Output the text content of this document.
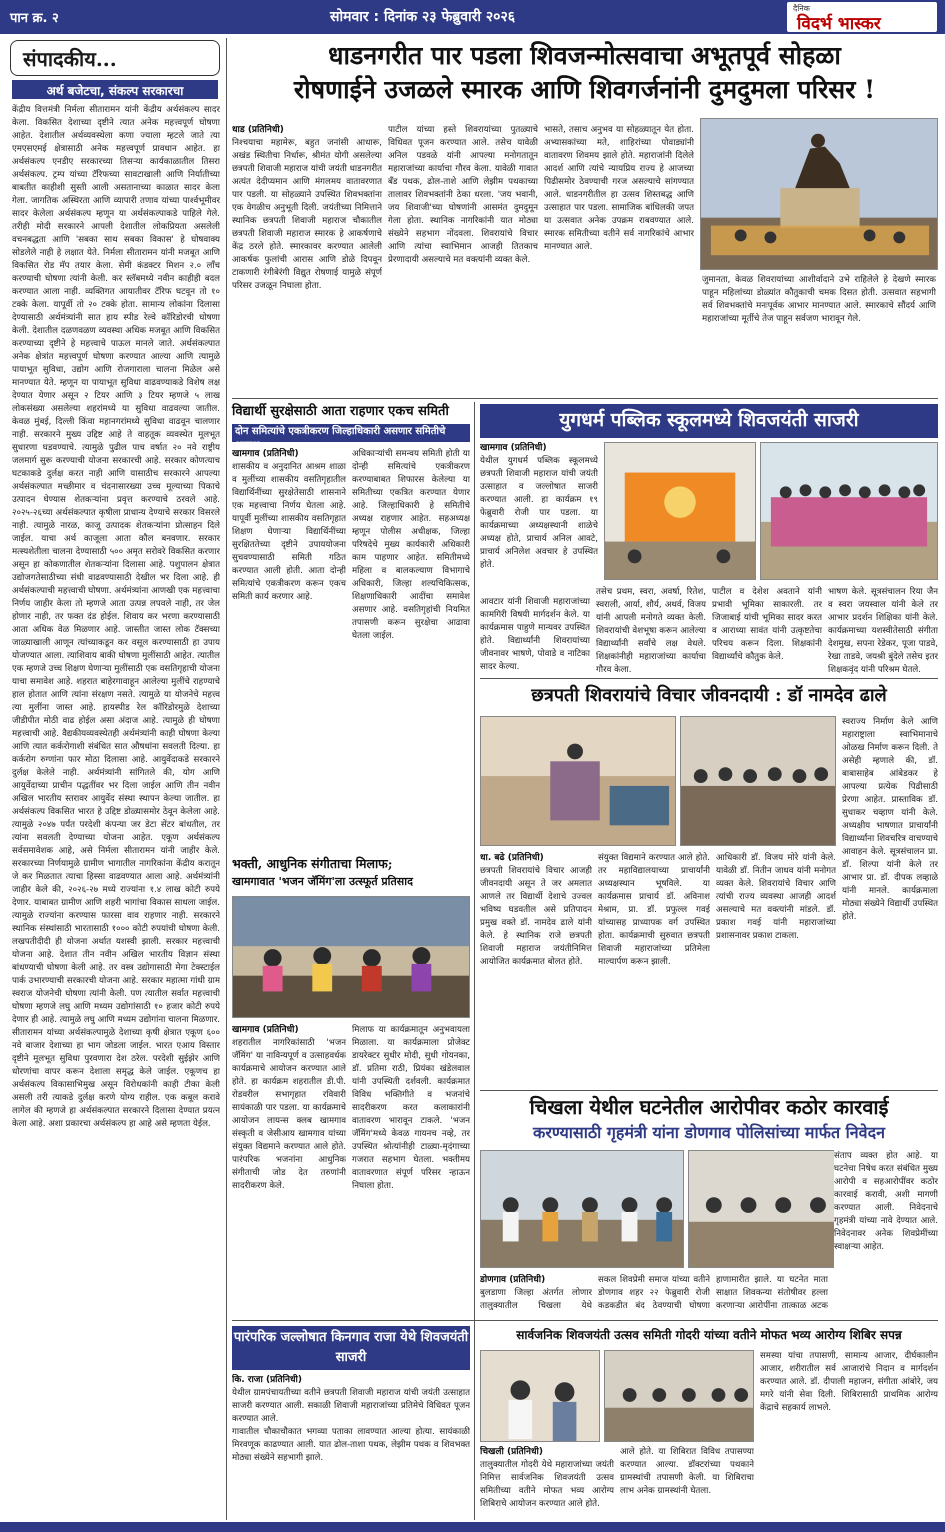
पान क्र. २	सोमवार : दिनांक २३ फेब्रुवारी २०२६
दैनिक
विदर्भ भास्कर
संपादकीय...
अर्थ बजेटचा, संकल्प सरकारचा
केंद्रीय वित्तमंत्री निर्मला सीतारामन यांनी केंद्रीय अर्थसंकल्प सादर केला. विकसित देशाच्या दृष्टीने त्यात अनेक महत्त्वपूर्ण घोषणा आहेत. देशातील अर्थव्यवस्थेला कणा ज्याला म्हटले जाते त्या एमएसएमई क्षेत्रासाठी अनेक महत्त्वपूर्ण प्रावधान आहेत. हा अर्थसंकल्प एनडीए सरकारच्या तिसऱ्या कार्यकाळातील तिसरा अर्थसंकल्प. ट्रम्प यांच्या टॅरिफच्या सावटाखाली आणि निर्यातीच्या बाबतीत काहीशी सुस्ती आली असतानाच्या काळात सादर केला गेला. जागतिक अस्थिरता आणि व्यापारी तणाव यांच्या पार्श्वभूमीवर सादर केलेला अर्थसंकल्प म्हणून या अर्थसंकल्पाकडे पाहिले गेले. तरीही मोदी सरकारने आपली देशातील लोकप्रियता असलेली वचनबद्धता आणि 'सबका साथ सबका विकास' हे घोषवाक्य सोडलेले नाही हे लक्षात येते. निर्मला सीतारामन यांनी मजबूत आणि विकसित रोड मॅप तयार केला. सेमी कंडक्टर मिशन २.० लाँच करण्याची घोषणा त्यांनी केली. कर स्लॅबमध्ये नवीन काहीही बदल करण्यात आला नाही. व्यक्तिगत आयातीवर टॅरिफ घटवून तो १० टक्के केला. यापूर्वी तो २० टक्के होता. सामान्य लोकांना दिलासा देण्यासाठी अर्थमंत्र्यांनी सात हाय स्पीड रेल्वे कॉरिडोरची घोषणा केली. देशातील दळणवळण व्यवस्था अधिक मजबूत आणि विकसित करण्याच्या दृष्टीने हे महत्त्वाचे पाऊल मानले जाते. अर्थसंकल्पात अनेक क्षेत्रांत महत्त्वपूर्ण घोषणा करण्यात आल्या आणि त्यामुळे पायाभूत सुविधा, उद्योग आणि रोजगाराला चालना मिळेल असे मानण्यात येते. म्हणून या पायाभूत सुविधा वाढवण्याकडे विशेष लक्ष देण्यात येणार असून २ टियर आणि ३ टियर म्हणजे ५ लाख लोकसंख्या असलेल्या शहरांमध्ये या सुविधा वाढवल्या जातील. केवळ मुंबई, दिल्ली किंवा महानगरांमध्ये सुविधा वाढवून चालणार नाही. सरकारने मुख्य उद्दिष्ट आहे ते वाहतूक व्यवस्थेत मूलभूत सुधारणा घडवण्याचे. त्यामुळे पुढील पाच वर्षात २० नवे राष्ट्रीय जलमार्ग सुरू करण्याची योजना सरकारची आहे. सरकार कोणत्याच घटकाकडे दुर्लक्ष करत नाही आणि यासाठीच सरकारने आपल्या अर्थसंकल्पात मच्छीमार व चंदनासारख्या उच्च मूल्याच्या पिकाचे उत्पादन घेण्यास शेतकऱ्यांना प्रवृत्त करण्याचे ठरवले आहे. २०२५-२६च्या अर्थसंकल्पात कृषीला प्राधान्य देण्याचे सरकार विसरले नाही. त्यामुळे नारळ, काजू उत्पादक शेतकऱ्यांना प्रोत्साहन दिले जाईल. याचा अर्थ काजूला आता कौल बनवणार. सरकार मत्स्यशेतीला चालना देण्यासाठी ५०० अमृत सरोवरे विकसित करणार असून हा कोकणातील शेतकऱ्यांना दिलासा आहे. पशुपालन क्षेत्रात उद्योजगतेसाठीच्या संधी वाढवण्यासाठी देखील भर दिला आहे. ही अर्थसंकल्पाची महत्त्वाची घोषणा. अर्थमंत्र्यांना आणखी एक महत्त्वाचा निर्णय जाहीर केला तो म्हणजे आता उत्पन्न लपवले नाही, तर जेल होणार नाही, तर फक्त दंड होईल. शिवाय कर भरणा करण्यासाठी आता अधिक वेळ मिळणार आहे. जास्तीत जास्त लोक टॅक्सच्या जाळ्याखाली आणून त्यांच्याकडून कर वसूल करण्यासाठी हा उपाय योजण्यात आला. त्याशिवाय बाकी घोषणा मुलींसाठी आहेत. त्यातील एक म्हणजे उच्च शिक्षण घेणाऱ्या मुलींसाठी एक वसतिगृहाची योजना याचा समावेश आहे. शहरात बाहेरगावाहून आलेल्या मुलींचे राहण्याचे हाल होतात आणि त्यांना संरक्षण नसते. त्यामुळे या योजनेचे महत्त्व त्या मुलींना जास्त आहे. हायस्पीड रेल कॉरिडोरमुळे देशाच्या जीडीपीत मोठी वाढ होईल असा अंदाज आहे. त्यामुळे ही घोषणा महत्त्वाची आहे. वैद्यकीयव्यवस्थेतही अर्थमंत्र्यांनी काही घोषणा केल्या आणि त्यात कर्करोगाशी संबंधित सात औषधांना सवलती दिल्या. हा कर्करोग रुग्णांना फार मोठा दिलासा आहे. आयुर्वेदाकडे सरकारने दुर्लक्ष केलेले नाही. अर्थमंत्र्यांनी सांगितले की, योग आणि आयुर्वेदाच्या प्राचीन पद्धतींवर भर दिला जाईल आणि तीन नवीन अखिल भारतीय स्तरावर आयुर्वेद संस्था स्थापन केल्या जातील. हा अर्थसंकल्प विकसित भारत हे उद्दिष्ट डोळ्यासमोर ठेवून केलेला आहे. त्यामुळे २०४७ पर्यंत परदेशी कंपन्या जर डेटा सेंटर बांधतील, तर त्यांना सवलती देण्याच्या योजना आहेत. एकूण अर्थसंकल्प सर्वसमावेशक आहे, असे निर्मला सीतारामन यांनी जाहीर केले. सरकारच्या निर्णयामुळे ग्रामीण भागातील नागरिकांना केंद्रीय करातून जे कर मिळतात त्याचा हिस्सा वाढवण्यात आला आहे. अर्थमंत्र्यांनी जाहीर केले की, २०२६-२७ मध्ये राज्यांना १.४ लाख कोटी रुपये देणार. याबाबत ग्रामीण आणि शहरी भागांचा विकास साधला जाईल. त्यामुळे राज्यांना करण्यास फारसा वाव राहणार नाही. सरकारने स्थानिक संस्थांसाठी भारतासाठी १००० कोटी रुपयांची घोषणा केली. लखपतीदीदी ही योजना अर्थात यशस्वी झाली. सरकार महत्त्वाची योजना आहे. देशात तीन नवीन अखिल भारतीय विज्ञान संस्था बांधण्याची घोषणा केली आहे. तर वस्त्र उद्योगासाठी मेगा टेक्स्टाईल पार्क उभारण्याची सरकारची योजना आहे. सरकार महात्मा गांधी ग्राम स्वराज योजनेची घोषणा त्यांनी केली. पण त्यातील सर्वात महत्त्वाची घोषणा म्हणजे लघु आणि मध्यम उद्योगांसाठी १० हजार कोटी रुपये देणार ही आहे. त्यामुळे लघु आणि मध्यम उद्योगांना चालना मिळणार. सीतारामन यांच्या अर्थसंकल्पामुळे देशाच्या कृषी क्षेत्रात एकूण ६०० नवे बाजार देशाच्या हा भाग जोडला जाईल. भारत एआय विस्तार दृष्टीने मूलभूत सुविधा पुरवणारा देश ठरेल. परदेशी सुईझेर आणि धोरणांचा वापर करून देशाला समृद्ध केले जाईल. एकूणच हा अर्थसंकल्प विकासाभिमुख असून विरोधकांनी काही टीका केली असली तरी त्याकडे दुर्लक्ष करणे योग्य राहील. एक कबूल करावे लागेल की म्हणजे हा अर्थसंकल्पात सरकारने दिलासा देण्यात प्रयत्न केला आहे. अशा प्रकारचा अर्थसंकल्प हा आहे असे म्हणता येईल.
धाडनगरीत पार पडला शिवजन्मोत्सवाचा अभूतपूर्व सोहळा
रोषणाईने उजळले स्मारक आणि शिवगर्जनांनी दुमदुमला परिसर !
धाड (प्रतिनिधी)
निश्चयाचा महामेरू, बहुत जनांसी आधारू, अखंड स्थितीचा निर्धारू, श्रीमंत योगी असलेल्या छत्रपती शिवाजी महाराज यांची जयंती धाडनगरीत अत्यंत देदीप्यमान आणि मंगलमय वातावरणात पार पडली. या सोहळ्याने उपस्थित शिवभक्तांना एक वेगळीच अनुभूती दिली. जयंतीच्या निमित्ताने स्थानिक छत्रपती शिवाजी महाराज चौकातील छत्रपती शिवाजी महाराज स्मारक हे आकर्षणाचे केंद्र ठरले होते. स्मारकावर करण्यात आलेली आकर्षक फुलांची आरास आणि डोळे दिपवून टाकणारी रंगीबेरंगी विद्युत रोषणाई यामुळे संपूर्ण परिसर उजळून निघाला होता.
पाटील यांच्या हस्ते शिवरायांच्या पुतळ्याचे विधिवत पूजन करण्यात आले. तसेच यावेळी अनिल पडवळे यांनी आपल्या मनोगतातून महाराजांच्या कार्याचा गौरव केला. यावेळी गावात बँड पथक, ढोल-ताशे आणि लेझीम पथकाच्या तालावर शिवभक्तांनी ठेका धरला. 'जय भवानी, जय शिवाजी'च्या घोषणांनी आसमंत दुमदुमून गेला होता. स्थानिक नागरिकांनी यात मोठ्या संख्येने सहभाग नोंदवला. शिवरायांचे विचार आणि त्यांचा स्वाभिमान आजही तितकाच प्रेरणादायी असल्याचे मत वक्त्यांनी व्यक्त केले.
भासते, तसाच अनुभव या सोहळ्यातून येत होता. अभ्यासकांच्या मते, शाहिरांच्या पोवाड्यांनी वातावरण शिवमय झाले होते. महाराजांनी दिलेले आदर्श आणि त्यांचे न्यायप्रिय राज्य हे आजच्या पिढीसमोर ठेवण्याची गरज असल्याचे सांगण्यात आले. धाडनगरीतील हा उत्सव शिस्तबद्ध आणि उत्साहात पार पडला. सामाजिक बांधिलकी जपत या उत्सवात अनेक उपक्रम राबवण्यात आले. स्मारक समितीच्या वतीने सर्व नागरिकांचे आभार मानण्यात आले.
जुमानता, केवळ शिवरायांच्या आशीर्वादाने उभे राहिलेले हे देखणे स्मारक पाहून महिलांच्या डोळ्यांत कौतुकाची चमक दिसत होती. उत्सवात सहभागी सर्व शिवभक्तांचे मनःपूर्वक आभार मानण्यात आले. स्मारकाचे सौंदर्य आणि महाराजांच्या मूर्तीचे तेज पाहून सर्वजण भारावून गेले.
विद्यार्थी सुरक्षेसाठी आता राहणार एकच समिती
दोन समित्यांचे एकत्रीकरण जिल्हाधिकारी असणार समितीचे अध्यक्ष
खामगाव (प्रतिनिधी)
शासकीय व अनुदानित आश्रम शाळा व मुलींच्या शासकीय वसतिगृहातील विद्यार्थिनींच्या सुरक्षेतेसाठी शासनाने एक महत्त्वाचा निर्णय घेतला आहे. यापूर्वी मुलींच्या शासकीय वसतिगृहात शिक्षण घेणाऱ्या विद्यार्थिनींच्या सुरक्षिततेच्या दृष्टीने उपाययोजना सुचवण्यासाठी समिती गठित करण्यात आली होती. आता दोन्ही समित्यांचे एकत्रीकरण करून एकच समिती कार्य करणार आहे.
अधिकाऱ्यांची समन्वय समिती होती या दोन्ही समित्यांचे एकत्रीकरण करण्याबाबत शिफारस केलेल्या या समितीच्या एकत्रित करण्यात येणार आहे. जिल्हाधिकारी हे समितीचे अध्यक्ष राहणार आहेत. सहअध्यक्ष म्हणून पोलीस अधीक्षक, जिल्हा परिषदेचे मुख्य कार्यकारी अधिकारी काम पाहणार आहेत. समितीमध्ये महिला व बालकल्याण विभागाचे अधिकारी, जिल्हा शल्यचिकित्सक, शिक्षणाधिकारी आदींचा समावेश असणार आहे. वसतिगृहांची नियमित तपासणी करून सुरक्षेचा आढावा घेतला जाईल.
भक्ती, आधुनिक संगीताचा मिलाफ;
खामगावात 'भजन जॅमिंग'ला उत्स्फूर्त प्रतिसाद
खामगाव (प्रतिनिधी)
शहरातील नागरिकांसाठी 'भजन जॅमिंग' या नाविन्यपूर्ण व उत्साहवर्धक कार्यक्रमाचे आयोजन करण्यात आले होते. हा कार्यक्रम शहरातील डी.पी. रोडवरील सभागृहात रविवारी सायंकाळी पार पडला. या कार्यक्रमाचे आयोजन लायन्स क्लब खामगाव संस्कृती व जेसीआय खामगाव यांच्या संयुक्त विद्यमाने करण्यात आले होते. पारंपरिक भजनांना आधुनिक संगीताची जोड देत तरुणांनी सादरीकरण केले.
मिलाफ या कार्यक्रमातून अनुभवायला मिळाला. या कार्यक्रमाला प्रोजेक्ट डायरेक्टर सुधीर मोदी, सुधी गोयनका, डॉ. प्रतिमा राठी, प्रियंका खंडेलवाल यांनी उपस्थिती दर्शवली. कार्यक्रमात विविध भक्तिगीते व भजनांचे सादरीकरण करत कलाकारांनी वातावरण भारावून टाकले. 'भजन जॅमिंग'मध्ये केवळ गायनच नव्हे, तर उपस्थित श्रोत्यांनीही टाळ्या-मृदंगाच्या गजरात सहभाग घेतला. भक्तीमय वातावरणात संपूर्ण परिसर न्हाऊन निघाला होता.
युगधर्म पब्लिक स्कूलमध्ये शिवजयंती साजरी
खामगाव (प्रतिनिधी)
येथील युगधर्म पब्लिक स्कूलमध्ये छत्रपती शिवाजी महाराज यांची जयंती उत्साहात व जल्लोषात साजरी करण्यात आली. हा कार्यक्रम १९ फेब्रुवारी रोजी पार पडला. या कार्यक्रमाच्या अध्यक्षस्थानी शाळेचे अध्यक्ष होते, प्राचार्य अनिल आवटे, प्राचार्य अनिलेश अवचार हे उपस्थित होते.
आवटार यांनी शिवाजी महाराजांच्या कामगिरी विषयी मार्गदर्शन केले. या कार्यक्रमास पाहुणे मान्यवर उपस्थित होते. विद्यार्थ्यांनी शिवरायांच्या जीवनावर भाषणे, पोवाडे व नाटिका सादर केल्या.
तसेच प्रथम, स्वरा, अवर्षा, रितेश, स्वराली, आर्या, शौर्य, अथर्व, विजय यांनी आपली मनोगते व्यक्त केली. शिवरायांची वेशभूषा करून आलेल्या विद्यार्थ्यांनी सर्वांचे लक्ष वेधले. शिक्षकांनीही महाराजांच्या कार्याचा गौरव केला.
पाटील व देशेश अवताने यांनी प्रभावी भूमिका साकारली. तर जिजाबाई यांची भूमिका सादर करत व आराध्या सावंत यांनी उत्कृष्टतेचा परिचय करून दिला. शिक्षकांनी विद्यार्थ्यांचे कौतुक केले.
भाषण केले. सूत्रसंचालन रिया जैन व स्वरा जयस्वाल यांनी केले तर आभार प्रदर्शन शिक्षिका यांनी केले. कार्यक्रमाच्या यशस्वीतेसाठी संगीता देशमुख, सपना रेडेकर, पूजा पाडवे, रेखा ताडवे, जयश्री बुंदेले तसेच इतर शिक्षकवृंद यांनी परिश्रम घेतले.
छत्रपती शिवरायांचे विचार जीवनदायी : डॉ नामदेव ढाले
स्वराज्य निर्माण केले आणि महाराष्ट्राला स्वाभिमानाचे ओळख निर्माण करून दिली. ते असेही म्हणाले की, डॉ. बाबासाहेब आंबेडकर हे आपल्या प्रत्येक पिढीसाठी प्रेरणा आहेत. प्रास्ताविक डॉ. सुधाकर चव्हाण यांनी केले. अध्यक्षीय भाषणात प्राचार्यांनी विद्यार्थ्यांना शिवचरित्र वाचण्याचे आवाहन केले. सूत्रसंचालन प्रा. डॉ. शिल्पा यांनी केले तर आभार प्रा. डॉ. दीपक लव्हाळे यांनी मानले. कार्यक्रमाला मोठ्या संख्येने विद्यार्थी उपस्थित होते.
धा. बढे (प्रतिनिधी)
छत्रपती शिवरायांचे विचार आजही जीवनदायी असून ते जर अमलात आणले तर विद्यार्थी देशाचे उज्वल भविष्य घडवतील असे प्रतिपादन प्रमुख वक्ते डॉ. नामदेव ढाले यांनी केले. हे स्थानिक राजे छत्रपती शिवाजी महाराज जयंतीनिमित्त आयोजित कार्यक्रमात बोलत होते.
संयुक्त विद्यमाने करण्यात आले होते. तर महाविद्यालयाच्या प्राचार्यांनी अध्यक्षस्थान भूषविले. या कार्यक्रमास प्राचार्य डॉ. अविनाश मेश्राम, प्रा. डॉ. प्रफुल्ल गवई यांच्यासह प्राध्यापक वर्ग उपस्थित होता. कार्यक्रमाची सुरुवात छत्रपती शिवाजी महाराजांच्या प्रतिमेला माल्यार्पण करून झाली.
आधिकारी डॉ. विजय मोरे यांनी केले. यावेळी डॉ. नितीन जाधव यांनी मनोगत व्यक्त केले. शिवरायांचे विचार आणि त्यांची राज्य व्यवस्था आजही आदर्श असल्याचे मत वक्त्यांनी मांडले. डॉ. प्रकाश गवई यांनी महाराजांच्या प्रशासनावर प्रकाश टाकला.
चिखला येथील घटनेतील आरोपीवर कठोर कारवाई
करण्यासाठी गृहमंत्री यांना डोणगाव पोलिसांच्या मार्फत निवेदन
डोणगाव (प्रतिनिधी)
बुलडाणा जिल्हा अंतर्गत लोणार तालुक्यातील चिखला येथे
सकल शिवप्रेमी समाज यांच्या वतीने डोणगाव शहर २२ फेब्रुवारी रोजी कडकडीत बंद ठेवण्याची घोषणा
हाणामारीत झाले. या घटनेत माता साक्षात शिवकन्या संतोषीवर हल्ला करणाऱ्या आरोपींना तात्काळ अटक
संताप व्यक्त होत आहे. या घटनेचा निषेध करत संबंधित मुख्य आरोपी व सहआरोपींवर कठोर कारवाई करावी, अशी मागणी करण्यात आली. निवेदनाचे गृहमंत्री यांच्या नावे देण्यात आले. निवेदनावर अनेक शिवप्रेमींच्या स्वाक्षऱ्या आहेत.
पारंपरिक जल्लोषात किनगाव राजा येथे शिवजयंती साजरी
कि. राजा (प्रतिनिधी)
येथील ग्रामपंचायतीच्या वतीने छत्रपती शिवाजी महाराज यांची जयंती उत्साहात साजरी करण्यात आली. सकाळी शिवाजी महाराजांच्या प्रतिमेचे विधिवत पूजन करण्यात आले.
गावातील चौकाचौकात भगव्या पताका लावण्यात आल्या होत्या. सायंकाळी मिरवणूक काढण्यात आली. यात ढोल-ताशा पथक, लेझीम पथक व शिवभक्त मोठ्या संख्येने सहभागी झाले.
सार्वजनिक शिवजयंती उत्सव समिती गोदरी यांच्या वतीने मोफत भव्य आरोग्य शिबिर सपन्न
समस्या यांचा तपासणी, सामान्य आजार, दीर्घकालीन आजार, शरीरातील सर्व आजारांचे निदान व मार्गदर्शन करण्यात आले. डॉ. दीपाली महाजन, संगीता आंबोरे, जय मगरे यांनी सेवा दिली. शिबिरासाठी प्राथमिक आरोग्य केंद्राचे सहकार्य लाभले.
चिखली (प्रतिनिधी)
तालुक्यातील गोदरी येथे महाराजांच्या जयंती निमित्त सार्वजनिक शिवजयंती उत्सव समितीच्या वतीने मोफत भव्य आरोग्य शिबिराचे आयोजन करण्यात आले होते.
आले होते. या शिबिरात विविध तपासण्या करण्यात आल्या. डॉक्टरांच्या पथकाने ग्रामस्थांची तपासणी केली. या शिबिराचा लाभ अनेक ग्रामस्थांनी घेतला.
